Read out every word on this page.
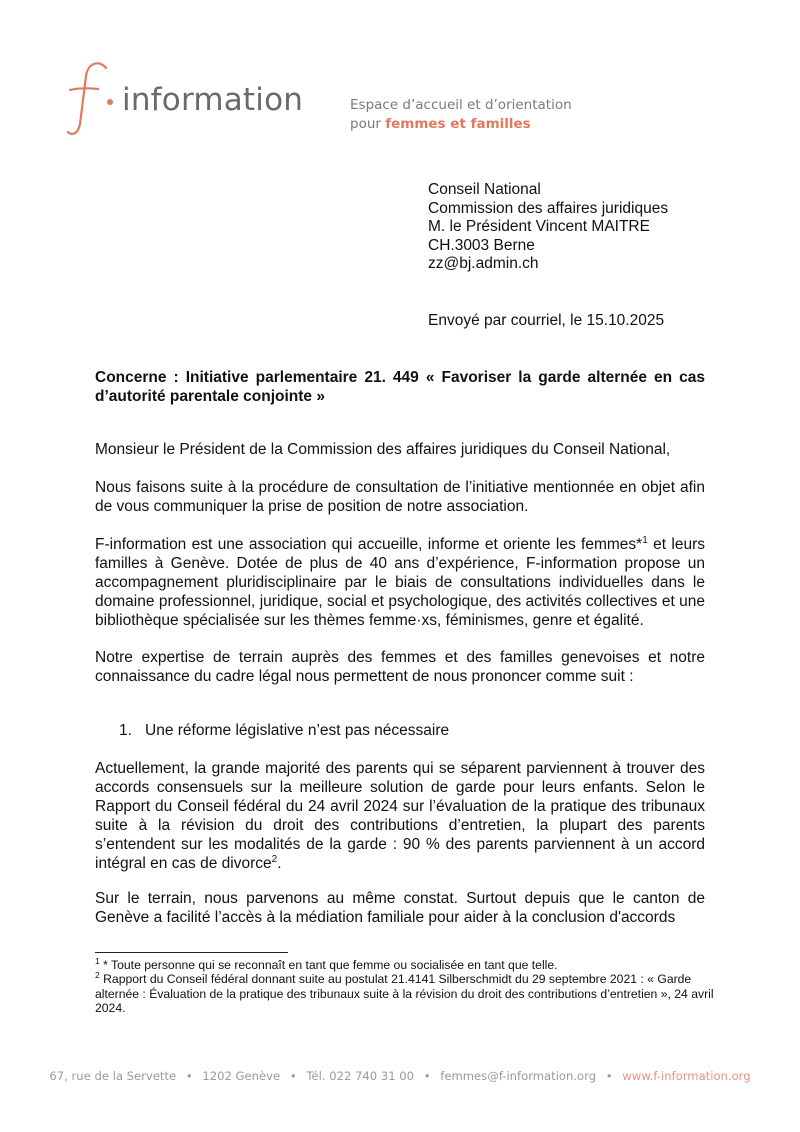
information	Espace d’accueil et d’orientation
pour femmes et familles
Conseil National
Commission des affaires juridiques
M. le Président Vincent MAITRE
CH.3003 Berne
zz@bj.admin.ch
Envoyé par courriel, le 15.10.2025
Concerne : Initiative parlementaire 21. 449 « Favoriser la garde alternée en cas d’autorité parentale conjointe »
Monsieur le Président de la Commission des affaires juridiques du Conseil National,
Nous faisons suite à la procédure de consultation de l’initiative mentionnée en objet afin de vous communiquer la prise de position de notre association.
F-information est une association qui accueille, informe et oriente les femmes*$^1$ et leurs familles à Genève. Dotée de plus de 40 ans d’expérience, F-information propose un accompagnement pluridisciplinaire par le biais de consultations individuelles dans le domaine professionnel, juridique, social et psychologique, des activités collectives et une bibliothèque spécialisée sur les thèmes femme·xs, féminismes, genre et égalité.
Notre expertise de terrain auprès des femmes et des familles genevoises et notre connaissance du cadre légal nous permettent de nous prononcer comme suit :
1. Une réforme législative n’est pas nécessaire
Actuellement, la grande majorité des parents qui se séparent parviennent à trouver des accords consensuels sur la meilleure solution de garde pour leurs enfants. Selon le Rapport du Conseil fédéral du 24 avril 2024 sur l’évaluation de la pratique des tribunaux suite à la révision du droit des contributions d’entretien, la plupart des parents s’entendent sur les modalités de la garde : 90 % des parents parviennent à un accord intégral en cas de divorce$^2$.
Sur le terrain, nous parvenons au même constat. Surtout depuis que le canton de Genève a facilité l’accès à la médiation familiale pour aider à la conclusion d'accords
$^1$ * Toute personne qui se reconnaît en tant que femme ou socialisée en tant que telle.
$^2$ Rapport du Conseil fédéral donnant suite au postulat 21.4141 Silberschmidt du 29 septembre 2021 : « Garde alternée : Évaluation de la pratique des tribunaux suite à la révision du droit des contributions d’entretien », 24 avril 2024.
67, rue de la Servette • 1202 Genève • Tél. 022 740 31 00 • femmes@f-information.org • www.f-information.org
